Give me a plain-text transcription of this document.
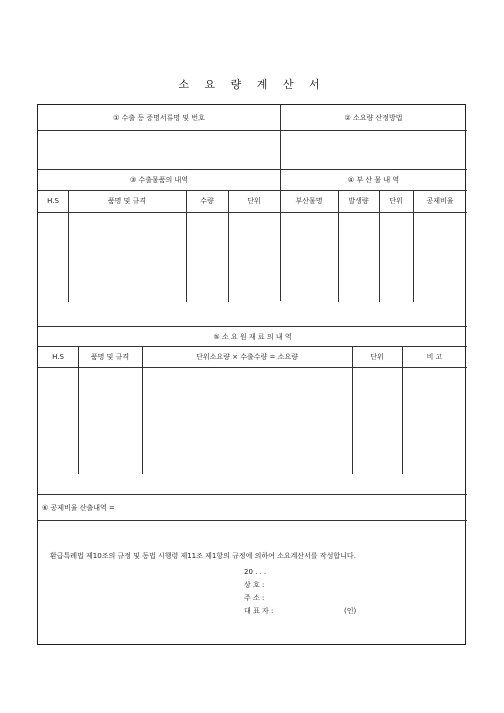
소 요 량 계 산 서
① 수출 등 증명서류명 및 번호	② 소요량 산정방법
③ 수출물품의 내역	④ 부 산 물 내 역
H.S	품명 및 규격	수량	단위	부산물명	발생량	단위	공제비율
⑤ 소 요 원 재 료 의 내 역
H.S	품명 및 규격	단위소요량 × 수출수량 = 소요량	단위	비 고
⑥ 공제비율 산출내역 =
환급특례법 제10조의 규정 및 동법 시행령 제11조 제1항의 규정에 의하여 소요계산서를 작성합니다.
20 . . .
상 호 :
주 소 :
대 표 자 :	(인)
